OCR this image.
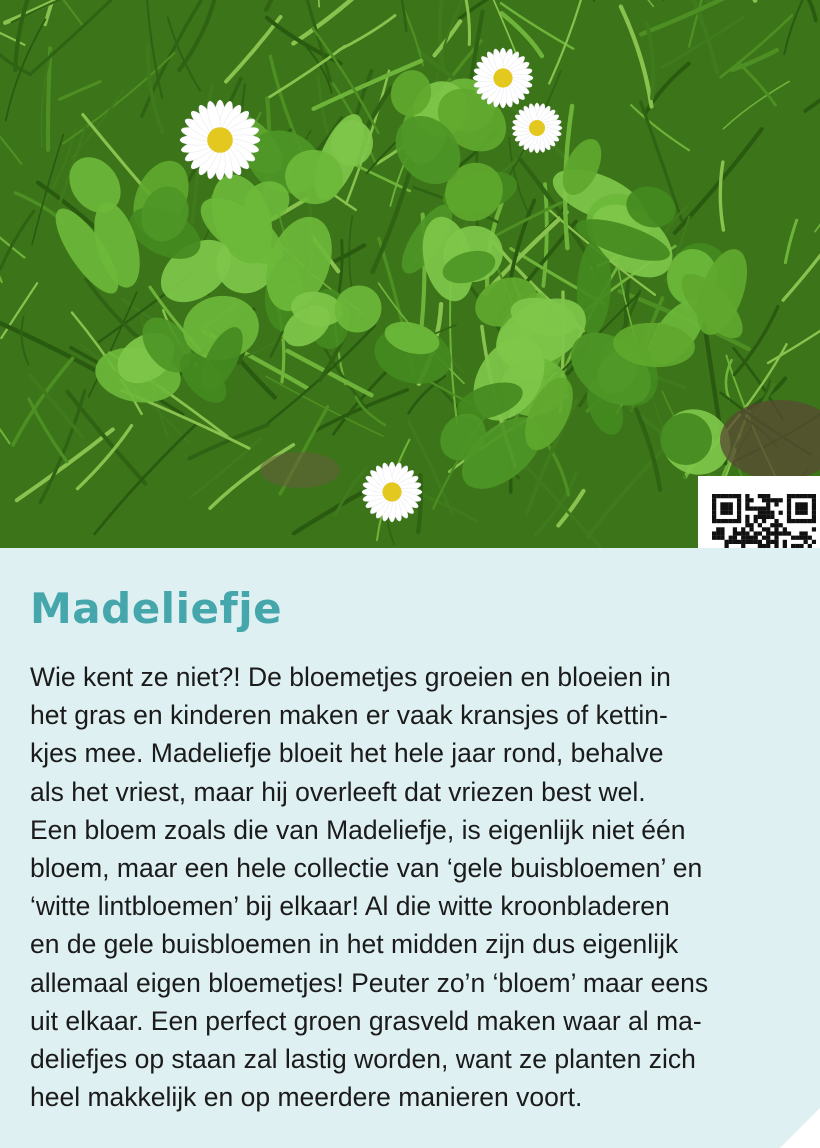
Madeliefje

Wie kent ze niet?! De bloemetjes groeien en bloeien in
het gras en kinderen maken er vaak kransjes of kettin-
kjes mee. Madeliefje bloeit het hele jaar rond, behalve
als het vriest, maar hij overleeft dat vriezen best wel.
Een bloem zoals die van Madeliefje, is eigenlijk niet één
bloem, maar een hele collectie van ‘gele buisbloemen’ en
‘witte lintbloemen’ bij elkaar! Al die witte kroonbladeren
en de gele buisbloemen in het midden zijn dus eigenlijk
allemaal eigen bloemetjes! Peuter zo’n ‘bloem’ maar eens
uit elkaar. Een perfect groen grasveld maken waar al ma-
deliefjes op staan zal lastig worden, want ze planten zich
heel makkelijk en op meerdere manieren voort.
